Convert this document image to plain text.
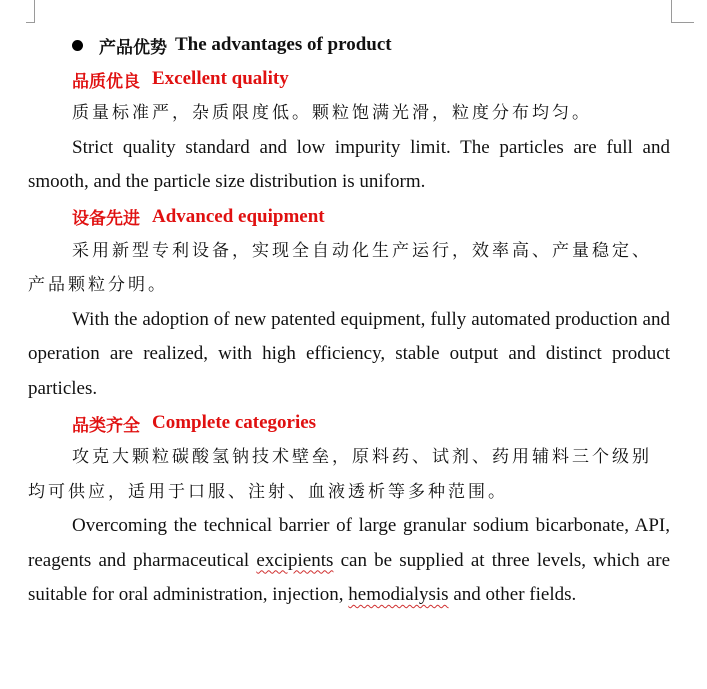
产品优势 The advantages of product
品质优良 Excellent quality

质量标准严，杂质限度低。颗粒饱满光滑，粒度分布均匀。

Strict quality standard and low impurity limit. The particles are full and smooth, and the particle size distribution is uniform.

设备先进 Advanced equipment

采用新型专利设备，实现全自动化生产运行，效率高、产量稳定、产品颗粒分明。

With the adoption of new patented equipment, fully automated production and operation are realized, with high efficiency, stable output and distinct product particles.

品类齐全 Complete categories

攻克大颗粒碳酸氢钠技术壁垒，原料药、试剂、药用辅料三个级别均可供应，适用于口服、注射、血液透析等多种范围。

Overcoming the technical barrier of large granular sodium bicarbonate, API, reagents and pharmaceutical excipients can be supplied at three levels, which are suitable for oral administration, injection, hemodialysis and other fields.
